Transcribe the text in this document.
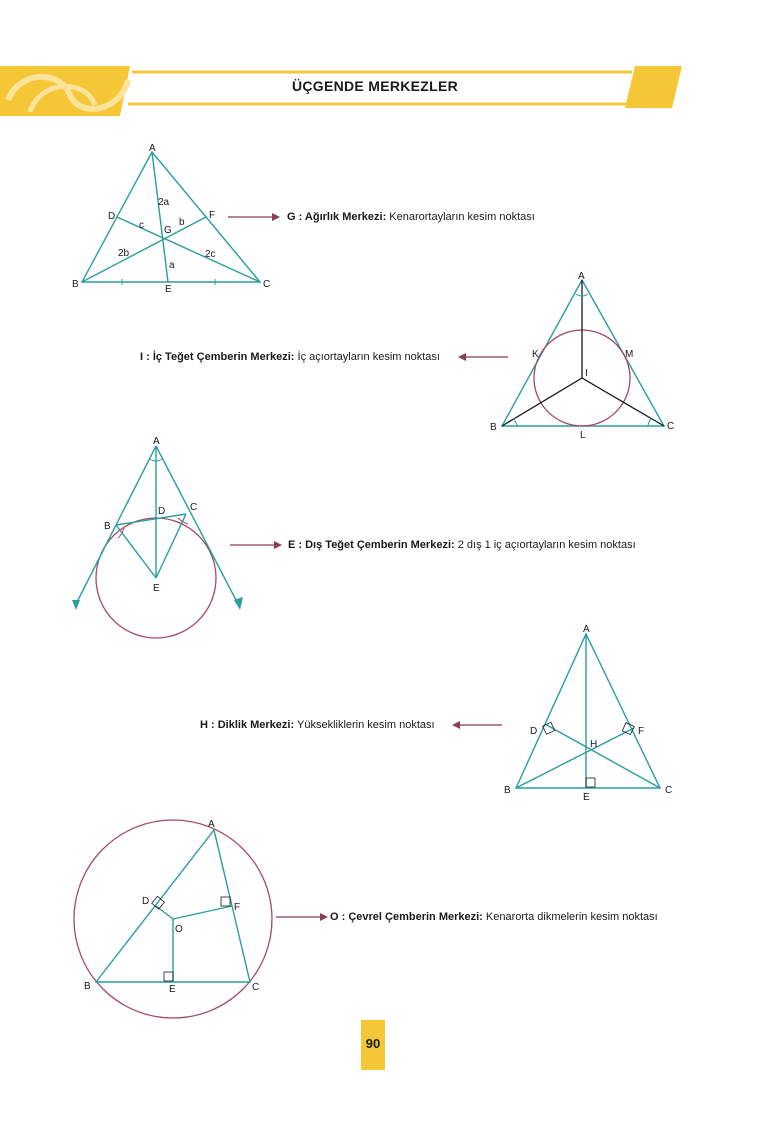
ÜÇGENDE MERKEZLER
A
B	C
D
E
F
G
2a
b
c
2b	2c
a
G : Ağırlık Merkezi: Kenarortayların kesim noktası
I : İç Teğet Çemberin Merkezi: İç açıortayların kesim noktası
A
B	C
K	M
I
L
A
B
C
D
E
E : Dış Teğet Çemberin Merkezi: 2 dış 1 iç açıortayların kesim noktası
H : Diklik Merkezi: Yüksekliklerin kesim noktası
A
B	C
D
E
F
H
A
B	C
D
E
F
O
O : Çevrel Çemberin Merkezi: Kenarorta dikmelerin kesim noktası
90
